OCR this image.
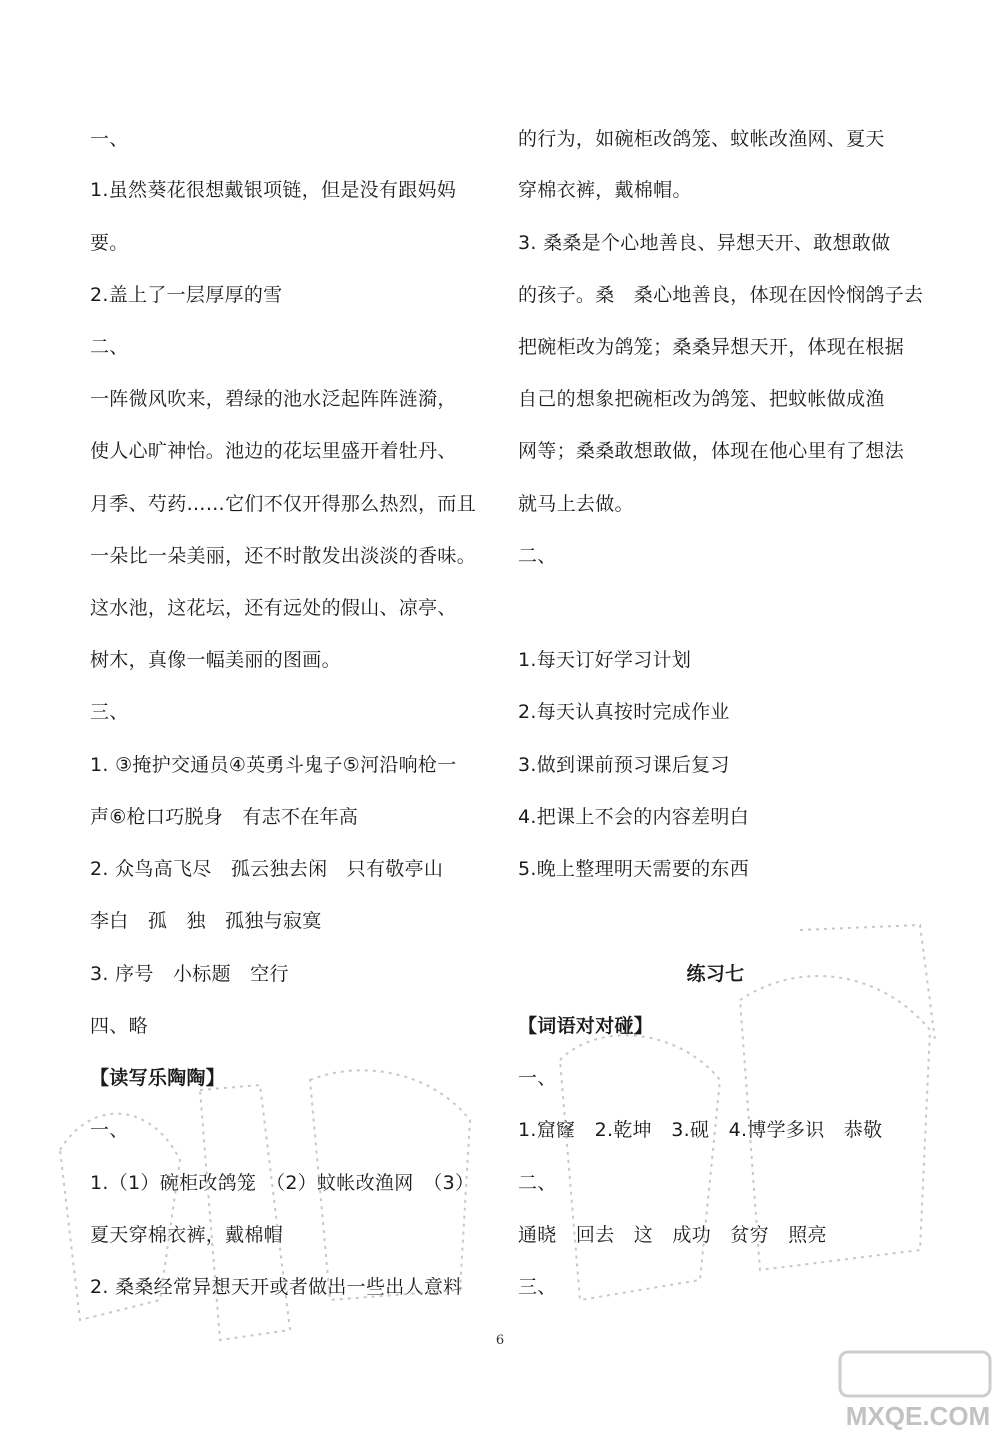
一、
1.虽然葵花很想戴银项链，但是没有跟妈妈
要。
2.盖上了一层厚厚的雪
二、
一阵微风吹来，碧绿的池水泛起阵阵涟漪，
使人心旷神怡。池边的花坛里盛开着牡丹、
月季、芍药……它们不仅开得那么热烈，而且
一朵比一朵美丽，还不时散发出淡淡的香味。
这水池，这花坛，还有远处的假山、凉亭、
树木，真像一幅美丽的图画。
三、
1. ③掩护交通员④英勇斗鬼子⑤河沿响枪一
声⑥枪口巧脱身　有志不在年高
2. 众鸟高飞尽　孤云独去闲　只有敬亭山
李白　孤　独　孤独与寂寞
3. 序号　小标题　空行
四、略
【读写乐陶陶】
一、
1.（1）碗柜改鸽笼　（2）蚊帐改渔网　（3）
夏天穿棉衣裤，戴棉帽
2. 桑桑经常异想天开或者做出一些出人意料
的行为，如碗柜改鸽笼、蚊帐改渔网、夏天
穿棉衣裤，戴棉帽。
3. 桑桑是个心地善良、异想天开、敢想敢做
的孩子。桑　桑心地善良，体现在因怜悯鸽子去
把碗柜改为鸽笼；桑桑异想天开，体现在根据
自己的想象把碗柜改为鸽笼、把蚊帐做成渔
网等；桑桑敢想敢做，体现在他心里有了想法
就马上去做。
二、
1.每天订好学习计划
2.每天认真按时完成作业
3.做到课前预习课后复习
4.把课上不会的内容差明白
5.晚上整理明天需要的东西
练习七
【词语对对碰】
一、
1.窟窿　2.乾坤　3.砚　4.博学多识　恭敬
二、
通晓　回去　这　成功　贫穷　照亮
三、
6
MXQE.COM
